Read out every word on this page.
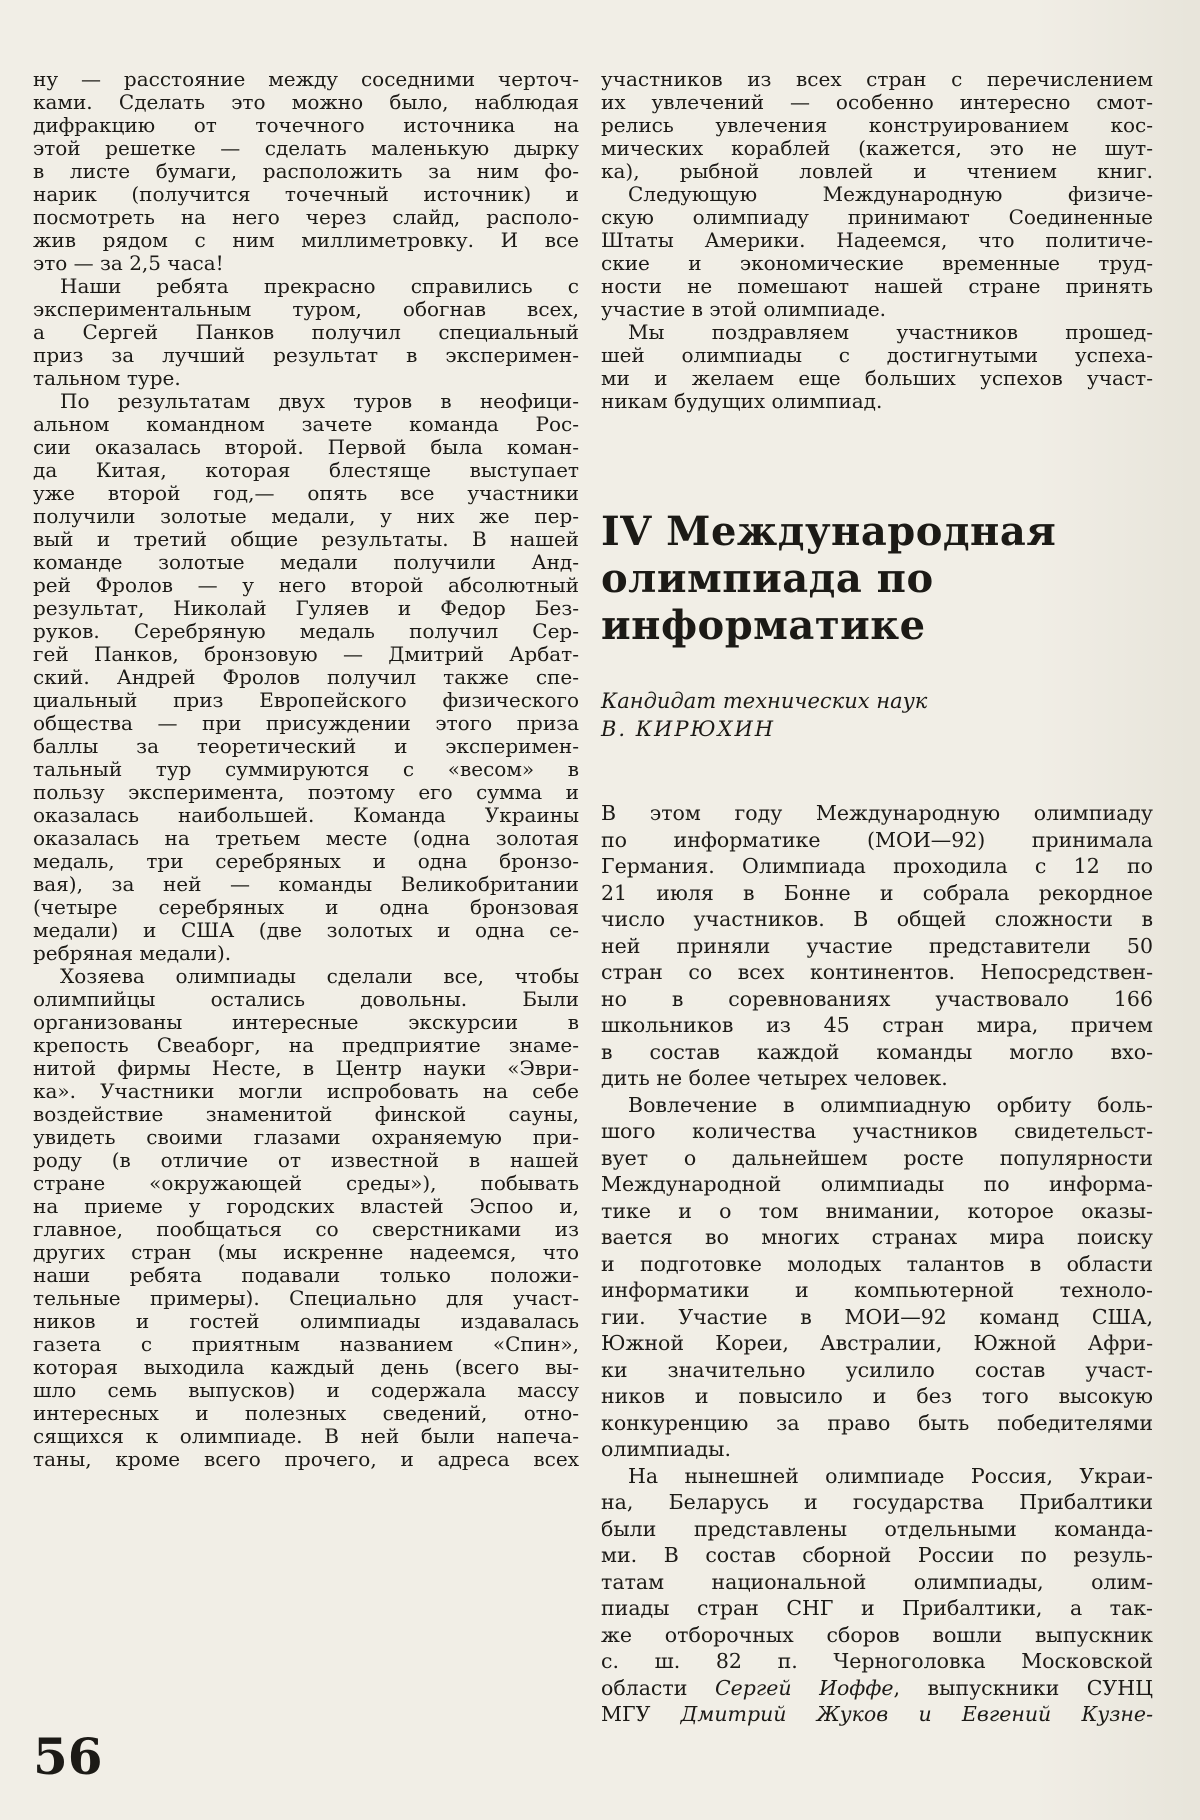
ну — расстояние между соседними черточ-
ками. Сделать это можно было, наблюдая
дифракцию от точечного источника на
этой решетке — сделать маленькую дырку
в листе бумаги, расположить за ним фо-
нарик (получится точечный источник) и
посмотреть на него через слайд, располо-
жив рядом с ним миллиметровку. И все
это — за 2,5 часа!
Наши ребята прекрасно справились с
экспериментальным туром, обогнав всех,
а Сергей Панков получил специальный
приз за лучший результат в эксперимен-
тальном туре.
По результатам двух туров в неофици-
альном командном зачете команда Рос-
сии оказалась второй. Первой была коман-
да Китая, которая блестяще выступает
уже второй год,— опять все участники
получили золотые медали, у них же пер-
вый и третий общие результаты. В нашей
команде золотые медали получили Анд-
рей Фролов — у него второй абсолютный
результат, Николай Гуляев и Федор Без-
руков. Серебряную медаль получил Сер-
гей Панков, бронзовую — Дмитрий Арбат-
ский. Андрей Фролов получил также спе-
циальный приз Европейского физического
общества — при присуждении этого приза
баллы за теоретический и эксперимен-
тальный тур суммируются с «весом» в
пользу эксперимента, поэтому его сумма и
оказалась наибольшей. Команда Украины
оказалась на третьем месте (одна золотая
медаль, три серебряных и одна бронзо-
вая), за ней — команды Великобритании
(четыре серебряных и одна бронзовая
медали) и США (две золотых и одна се-
ребряная медали).
Хозяева олимпиады сделали все, чтобы
олимпийцы остались довольны. Были
организованы интересные экскурсии в
крепость Свеаборг, на предприятие знаме-
нитой фирмы Несте, в Центр науки «Эври-
ка». Участники могли испробовать на себе
воздействие знаменитой финской сауны,
увидеть своими глазами охраняемую при-
роду (в отличие от известной в нашей
стране «окружающей среды»), побывать
на приеме у городских властей Эспоо и,
главное, пообщаться со сверстниками из
других стран (мы искренне надеемся, что
наши ребята подавали только положи-
тельные примеры). Специально для участ-
ников и гостей олимпиады издавалась
газета с приятным названием «Спин»,
которая выходила каждый день (всего вы-
шло семь выпусков) и содержала массу
интересных и полезных сведений, отно-
сящихся к олимпиаде. В ней были напеча-
таны, кроме всего прочего, и адреса всех
участников из всех стран с перечислением
их увлечений — особенно интересно смот-
релись увлечения конструированием кос-
мических кораблей (кажется, это не шут-
ка), рыбной ловлей и чтением книг.
Следующую Международную физиче-
скую олимпиаду принимают Соединенные
Штаты Америки. Надеемся, что политиче-
ские и экономические временные труд-
ности не помешают нашей стране принять
участие в этой олимпиаде.
Мы поздравляем участников прошед-
шей олимпиады с достигнутыми успеха-
ми и желаем еще больших успехов участ-
никам будущих олимпиад.
IV Международная
олимпиада по информатике
Кандидат технических наук
В. КИРЮХИН
В этом году Международную олимпиаду
по информатике (МОИ—92) принимала
Германия. Олимпиада проходила с 12 по
21 июля в Бонне и собрала рекордное
число участников. В общей сложности в
ней приняли участие представители 50
стран со всех континентов. Непосредствен-
но в соревнованиях участвовало 166
школьников из 45 стран мира, причем
в состав каждой команды могло вхо-
дить не более четырех человек.
Вовлечение в олимпиадную орбиту боль-
шого количества участников свидетельст-
вует о дальнейшем росте популярности
Международной олимпиады по информа-
тике и о том внимании, которое оказы-
вается во многих странах мира поиску
и подготовке молодых талантов в области
информатики и компьютерной техноло-
гии. Участие в МОИ—92 команд США,
Южной Кореи, Австралии, Южной Афри-
ки значительно усилило состав участ-
ников и повысило и без того высокую
конкуренцию за право быть победителями
олимпиады.
На нынешней олимпиаде Россия, Украи-
на, Беларусь и государства Прибалтики
были представлены отдельными команда-
ми. В состав сборной России по резуль-
татам национальной олимпиады, олим-
пиады стран СНГ и Прибалтики, а так-
же отборочных сборов вошли выпускник
с. ш. 82 п. Черноголовка Московской
области Сергей Иоффе, выпускники СУНЦ
МГУ Дмитрий Жуков и Евгений Кузне-
56
